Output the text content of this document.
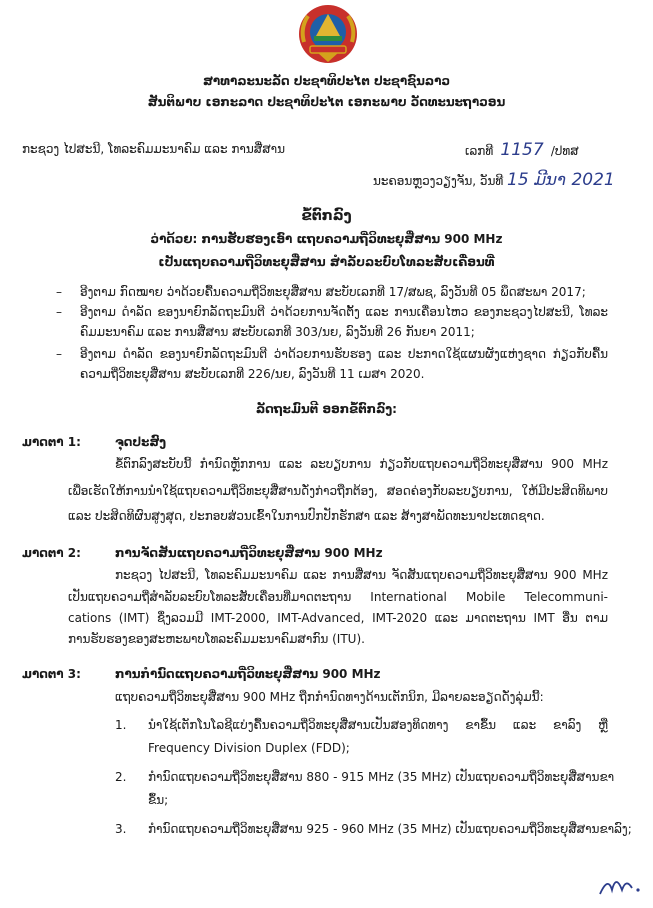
ສາທາລະນະລັດ ປະຊາທິປະໄຕ ປະຊາຊົນລາວ
ສັນຕິພາບ ເອກະລາດ ປະຊາທິປະໄຕ ເອກະພາບ ວັດທະນະຖາວອນ
ກະຊວງ ໄປສະນີ, ໂທລະຄົມມະນາຄົມ ແລະ ການສື່ສານ	ເລກທີ 1157 /ປທສ
ນະຄອນຫຼວງວຽງຈັນ, ວັນທີ 15 ມີນາ 2021
ຂໍ້ຕົກລົງ
ວ່າດ້ວຍ: ການຮັບຮອງເອົາ ແຖບຄວາມຖີ່ວິທະຍຸສື່ສານ 900 MHz
ເປັນແຖບຄວາມຖີ່ວິທະຍຸສື່ສານ ສໍາລັບລະບົບໂທລະສັບເຄື່ອນທີ່
– ອີງຕາມ ກົດໝາຍ ວ່າດ້ວຍຄື້ນຄວາມຖີ່ວິທະຍຸສື່ສານ ສະບັບເລກທີ 17/ສພຊ, ລົງວັນທີ 05 ພຶດສະພາ 2017;
– ອີງຕາມ ດໍາລັດ ຂອງນາຍົກລັດຖະມົນຕີ ວ່າດ້ວຍການຈັດຕັ້ງ ແລະ ການເຄື່ອນໄຫວ ຂອງກະຊວງໄປສະນີ, ໂທລະ
ຄົມມະນາຄົມ ແລະ ການສື່ສານ ສະບັບເລກທີ 303/ນຍ, ລົງວັນທີ 26 ກັນຍາ 2011;
– ອີງຕາມ ດໍາລັດ ຂອງນາຍົກລັດຖະມົນຕີ ວ່າດ້ວຍການຮັບຮອງ ແລະ ປະກາດໃຊ້ແຜນຜັງແຫ່ງຊາດ ກ່ຽວກັບຄື້ນ
ຄວາມຖີ່ວິທະຍຸສື່ສານ ສະບັບເລກທີ 226/ນຍ, ລົງວັນທີ 11 ເມສາ 2020.
ລັດຖະມົນຕີ ອອກຂໍ້ຕົກລົງ:
ມາດຕາ 1:	ຈຸດປະສົງ
ຂໍ້ຕົກລົງສະບັບນີ້ ກໍານົດຫຼັກການ ແລະ ລະບຽບການ ກ່ຽວກັບແຖບຄວາມຖີ່ວິທະຍຸສື່ສານ 900 MHz
ເພື່ອເຮັດໃຫ້ການນໍາໃຊ້ແຖບຄວາມຖີ່ວິທະຍຸສື່ສານດັ່ງກ່າວຖືກຕ້ອງ, ສອດຄ່ອງກັບລະບຽບການ, ໃຫ້ມີປະສິດທິພາບ
ແລະ ປະສິດທິຜົນສູງສຸດ, ປະກອບສ່ວນເຂົ້າໃນການປົກປັກຮັກສາ ແລະ ສ້າງສາພັດທະນາປະເທດຊາດ.
ມາດຕາ 2:	ການຈັດສັນແຖບຄວາມຖີ່ວິທະຍຸສື່ສານ 900 MHz
ກະຊວງ ໄປສະນີ, ໂທລະຄົມມະນາຄົມ ແລະ ການສື່ສານ ຈັດສັນແຖບຄວາມຖີ່ວິທະຍຸສື່ສານ 900 MHz
ເປັນແຖບຄວາມຖີ່ສໍາລັບລະບົບໂທລະສັບເຄື່ອນທີ່ມາດຕະຖານ International Mobile Telecommuni-
cations (IMT) ຊຶ່ງລວມມີ IMT-2000, IMT-Advanced, IMT-2020 ແລະ ມາດຕະຖານ IMT ອື່ນ ຕາມ
ການຮັບຮອງຂອງສະຫະພາບໂທລະຄົມມະນາຄົມສາກົນ (ITU).
ມາດຕາ 3:	ການກໍານົດແຖບຄວາມຖີ່ວິທະຍຸສື່ສານ 900 MHz
ແຖບຄວາມຖີ່ວິທະຍຸສື່ສານ 900 MHz ຖືກກໍານົດທາງດ້ານເຕັກນິກ, ມີລາຍລະອຽດດັ່ງລຸ່ມນີ້:
1. ນໍາໃຊ້ເຕັກໂນໂລຊີແບ່ງຄື້ນຄວາມຖີ່ວິທະຍຸສື່ສານເປັນສອງທິດທາງ ຂາຂຶ້ນ ແລະ ຂາລົງ ຫຼື
Frequency Division Duplex (FDD);
2. ກໍານົດແຖບຄວາມຖີ່ວິທະຍຸສື່ສານ 880 - 915 MHz (35 MHz) ເປັນແຖບຄວາມຖີ່ວິທະຍຸສື່ສານຂາ
ຂຶ້ນ;
3. ກໍານົດແຖບຄວາມຖີ່ວິທະຍຸສື່ສານ 925 - 960 MHz (35 MHz) ເປັນແຖບຄວາມຖີ່ວິທະຍຸສື່ສານຂາລົງ;
